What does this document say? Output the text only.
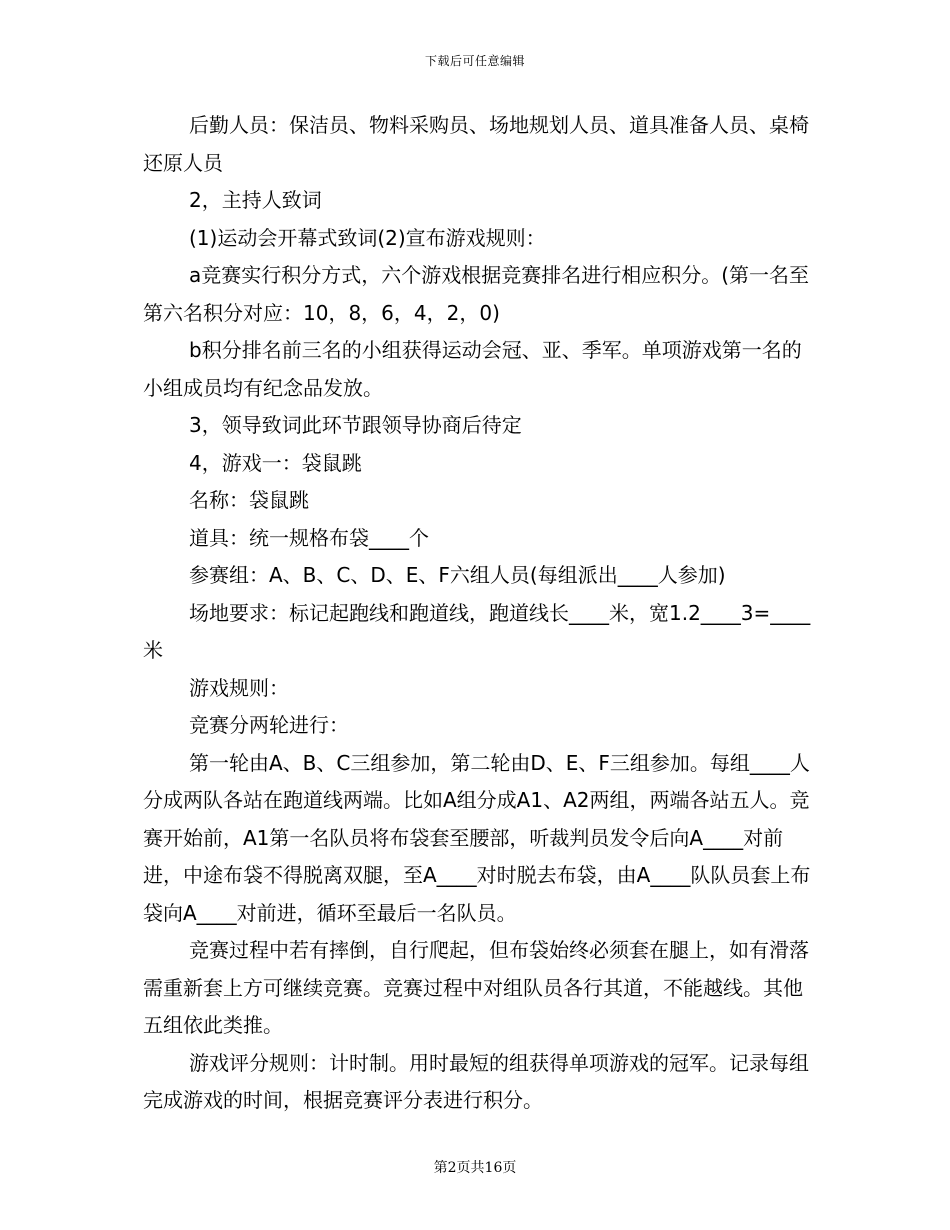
下载后可任意编辑

后勤人员：保洁员、物料采购员、场地规划人员、道具准备人员、桌椅还原人员

2，主持人致词

(1)运动会开幕式致词(2)宣布游戏规则：

a竞赛实行积分方式，六个游戏根据竞赛排名进行相应积分。(第一名至第六名积分对应：10，8，6，4，2，0)

b积分排名前三名的小组获得运动会冠、亚、季军。单项游戏第一名的小组成员均有纪念品发放。

3，领导致词此环节跟领导协商后待定

4，游戏一：袋鼠跳

名称：袋鼠跳

道具：统一规格布袋____个

参赛组：A、B、C、D、E、F六组人员(每组派出____人参加)

场地要求：标记起跑线和跑道线，跑道线长____米，宽1.2____3=____米

游戏规则：

竞赛分两轮进行：

第一轮由A、B、C三组参加，第二轮由D、E、F三组参加。每组____人分成两队各站在跑道线两端。比如A组分成A1、A2两组，两端各站五人。竞赛开始前，A1第一名队员将布袋套至腰部，听裁判员发令后向A____对前进，中途布袋不得脱离双腿，至A____对时脱去布袋，由A____队队员套上布袋向A____对前进，循环至最后一名队员。

竞赛过程中若有摔倒，自行爬起，但布袋始终必须套在腿上，如有滑落需重新套上方可继续竞赛。竞赛过程中对组队员各行其道，不能越线。其他五组依此类推。

游戏评分规则：计时制。用时最短的组获得单项游戏的冠军。记录每组完成游戏的时间，根据竞赛评分表进行积分。

第2页共16页
